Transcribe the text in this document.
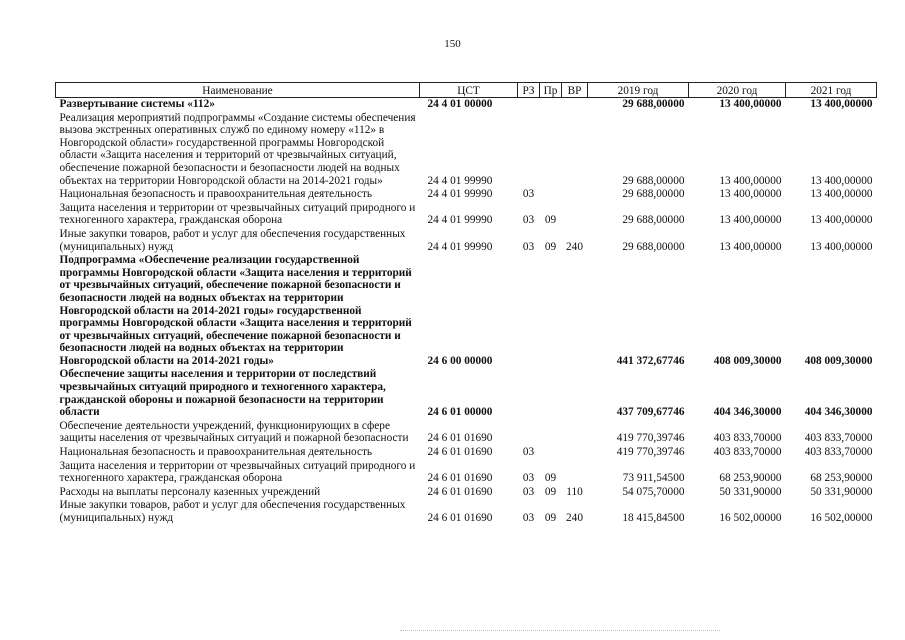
150
Наименование	ЦСТ	РЗ	Пр	ВР	2019 год	2020 год	2021 год
Развертывание системы «112»	24 4 01 00000				29 688,00000	13 400,00000	13 400,00000
Реализация мероприятий подпрограммы «Создание системы обеспечения вызова экстренных оперативных служб по единому номеру «112» в Новгородской области» государственной программы Новгородской области «Защита населения и территорий от чрезвычайных ситуаций, обеспечение пожарной безопасности и безопасности людей на водных объектах на территории Новгородской области на 2014-2021 годы»	24 4 01 99990				29 688,00000	13 400,00000	13 400,00000
Национальная безопасность и правоохранительная деятельность	24 4 01 99990	03			29 688,00000	13 400,00000	13 400,00000
Защита населения и территории от чрезвычайных ситуаций природного и техногенного характера, гражданская оборона	24 4 01 99990	03	09		29 688,00000	13 400,00000	13 400,00000
Иные закупки товаров, работ и услуг для обеспечения государственных (муниципальных) нужд	24 4 01 99990	03	09	240	29 688,00000	13 400,00000	13 400,00000
Подпрограмма «Обеспечение реализации государственной программы Новгородской области «Защита населения и территорий от чрезвычайных ситуаций, обеспечение пожарной безопасности и безопасности людей на водных объектах на территории Новгородской области на 2014-2021 годы» государственной программы Новгородской области «Защита населения и территорий от чрезвычайных ситуаций, обеспечение пожарной безопасности и безопасности людей на водных объектах на территории Новгородской области на 2014-2021 годы»	24 6 00 00000				441 372,67746	408 009,30000	408 009,30000
Обеспечение защиты населения и территории от последствий чрезвычайных ситуаций природного и техногенного характера, гражданской обороны и пожарной безопасности на территории области	24 6 01 00000				437 709,67746	404 346,30000	404 346,30000
Обеспечение деятельности учреждений, функционирующих в сфере защиты населения от чрезвычайных ситуаций и пожарной безопасности	24 6 01 01690				419 770,39746	403 833,70000	403 833,70000
Национальная безопасность и правоохранительная деятельность	24 6 01 01690	03			419 770,39746	403 833,70000	403 833,70000
Защита населения и территории от чрезвычайных ситуаций природного и техногенного характера, гражданская оборона	24 6 01 01690	03	09		73 911,54500	68 253,90000	68 253,90000
Расходы на выплаты персоналу казенных учреждений	24 6 01 01690	03	09	110	54 075,70000	50 331,90000	50 331,90000
Иные закупки товаров, работ и услуг для обеспечения государственных (муниципальных) нужд	24 6 01 01690	03	09	240	18 415,84500	16 502,00000	16 502,00000
